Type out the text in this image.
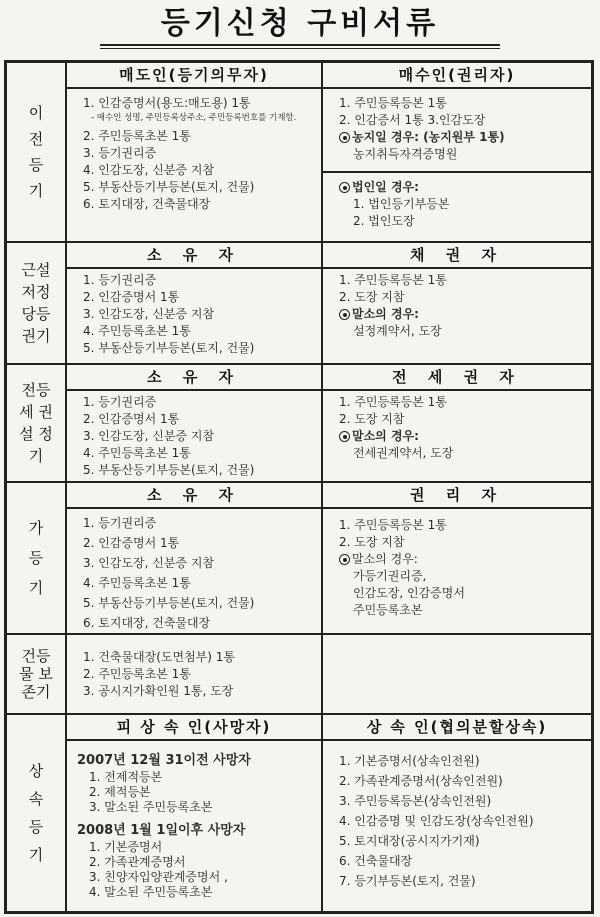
등기신청 구비서류
이 전 등 기
매도인(등기의무자)
1. 인감증명서(용도:매도용) 1통
- 매수인 성명, 주민등록상주소, 주민등록번호를 기재함.
2. 주민등록초본 1통
3. 등기권리증
4. 인감도장, 신분증 지참
5. 부동산등기부등본(토지, 건물)
6. 토지대장, 건축물대장
매수인(권리자)
1. 주민등록등본 1통
2. 인감증서 1통 3.인감도장
농지일 경우: (농지원부 1통)
농지취득자격증명원
법인일 경우:
1. 법인등기부등본
2. 법인도장
근설 저정 당등 권기
소 유 자
1. 등기권리증
2. 인감증명서 1통
3. 인감도장, 신분증 지참
4. 주민등록초본 1통
5. 부동산등기부등본(토지, 건물)
채 권 자
1. 주민등록등본 1통
2. 도장 지참
말소의 경우:
설정계약서, 도장
전등 세 권 설 정기
소 유 자
1. 등기권리증
2. 인감증명서 1통
3. 인감도장, 신분증 지참
4. 주민등록초본 1통
5. 부동산등기부등본(토지, 건물)
전 세 권 자
1. 주민등록등본 1통
2. 도장 지참
말소의 경우:
전세권계약서, 도장
가 등 기
소 유 자
1. 등기권리증
2. 인감증명서 1통
3. 인감도장, 신분증 지참
4. 주민등록초본 1통
5. 부동산등기부등본(토지, 건물)
6. 토지대장, 건축물대장
권 리 자
1. 주민등록등본 1통
2. 도장 지참
말소의 경우:
가등기권리증,
인감도장, 인감증명서
주민등록초본
건등 물 보 존기
1. 건축물대장(도면첨부) 1통
2. 주민등록초본 1통
3. 공시지가확인원 1통, 도장
상 속 등 기
피 상 속 인(사망자)
2007년 12월 31이전 사망자
1. 전제적등본
2. 제적등본
3. 말소된 주민등록초본
2008년 1월 1일이후 사망자
1. 기본증명서
2. 가족관계증명서
3. 친양자입양관계증명서 ,
4. 말소된 주민등록초본
상 속 인(협의분할상속)
1. 기본증명서(상속인전원)
2. 가족관계증명서(상속인전원)
3. 주민등록등본(상속인전원)
4. 인감증명 및 인감도장(상속인전원)
5. 토지대장(공시지가기재)
6. 건축물대장
7. 등기부등본(토지, 건물)
